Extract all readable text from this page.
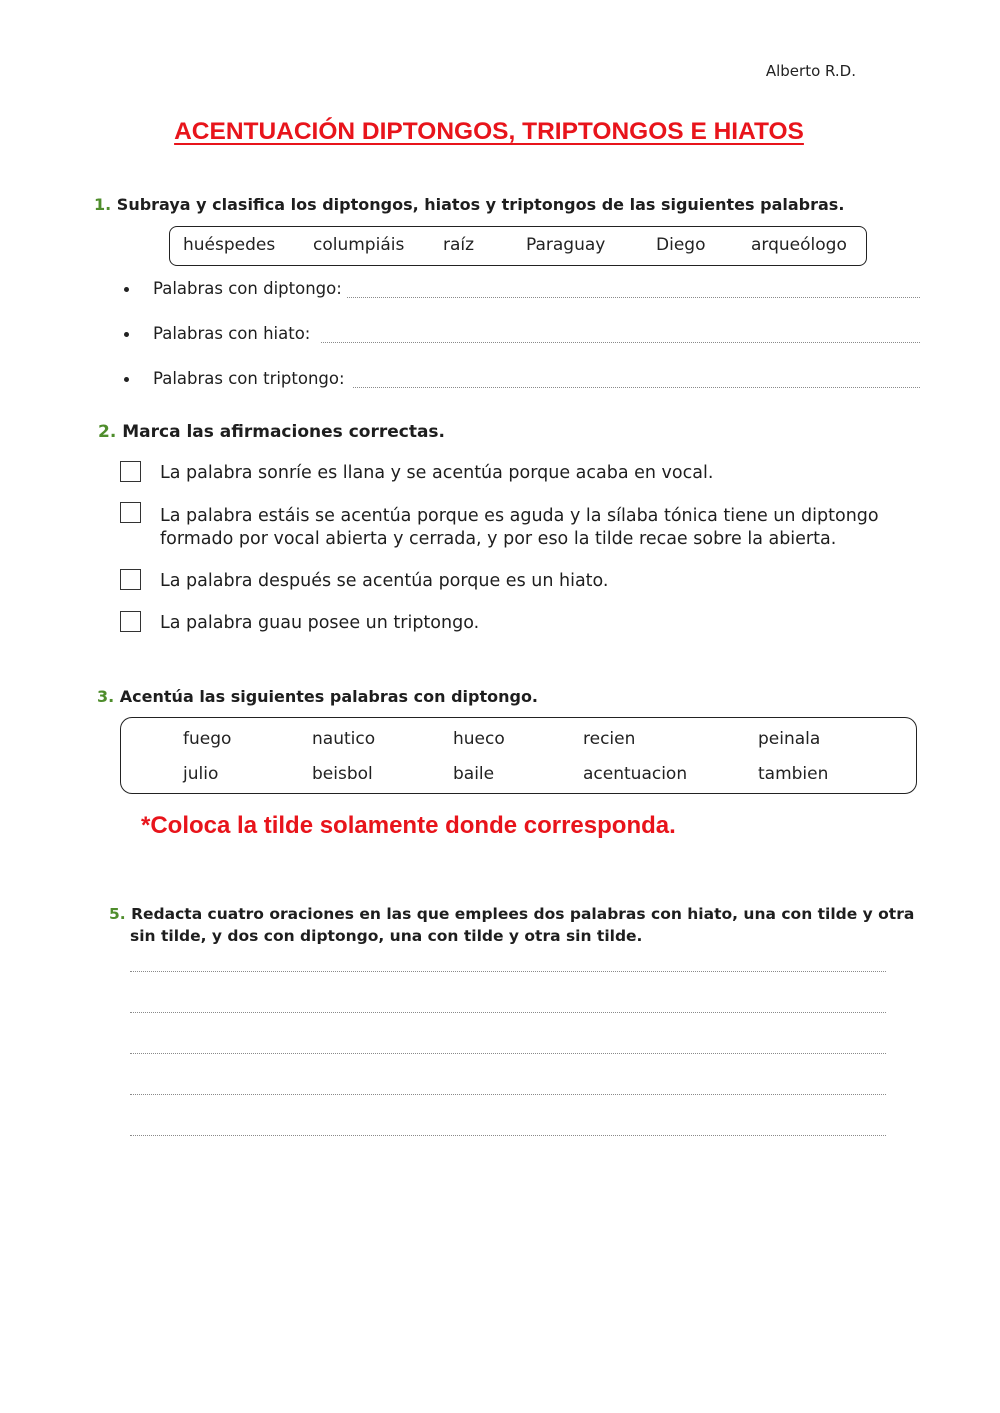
Alberto R.D.
ACENTUACIÓN DIPTONGOS, TRIPTONGOS E HIATOS
1. Subraya y clasifica los diptongos, hiatos y triptongos de las siguientes palabras.
huéspedes columpiáis raíz	Paraguay	Diego	arqueólogo
Palabras con diptongo:
Palabras con hiato:
Palabras con triptongo:
2. Marca las afirmaciones correctas.
La palabra sonríe es llana y se acentúa porque acaba en vocal.
La palabra estáis se acentúa porque es aguda y la sílaba tónica tiene un diptongo
formado por vocal abierta y cerrada, y por eso la tilde recae sobre la abierta.
La palabra después se acentúa porque es un hiato.
La palabra guau posee un triptongo.
3. Acentúa las siguientes palabras con diptongo.
fuego	nautico	hueco	recien	peinala
julio	beisbol	baile	acentuacion	tambien
*Coloca la tilde solamente donde corresponda.
5. Redacta cuatro oraciones en las que emplees dos palabras con hiato, una con tilde y otra
sin tilde, y dos con diptongo, una con tilde y otra sin tilde.
